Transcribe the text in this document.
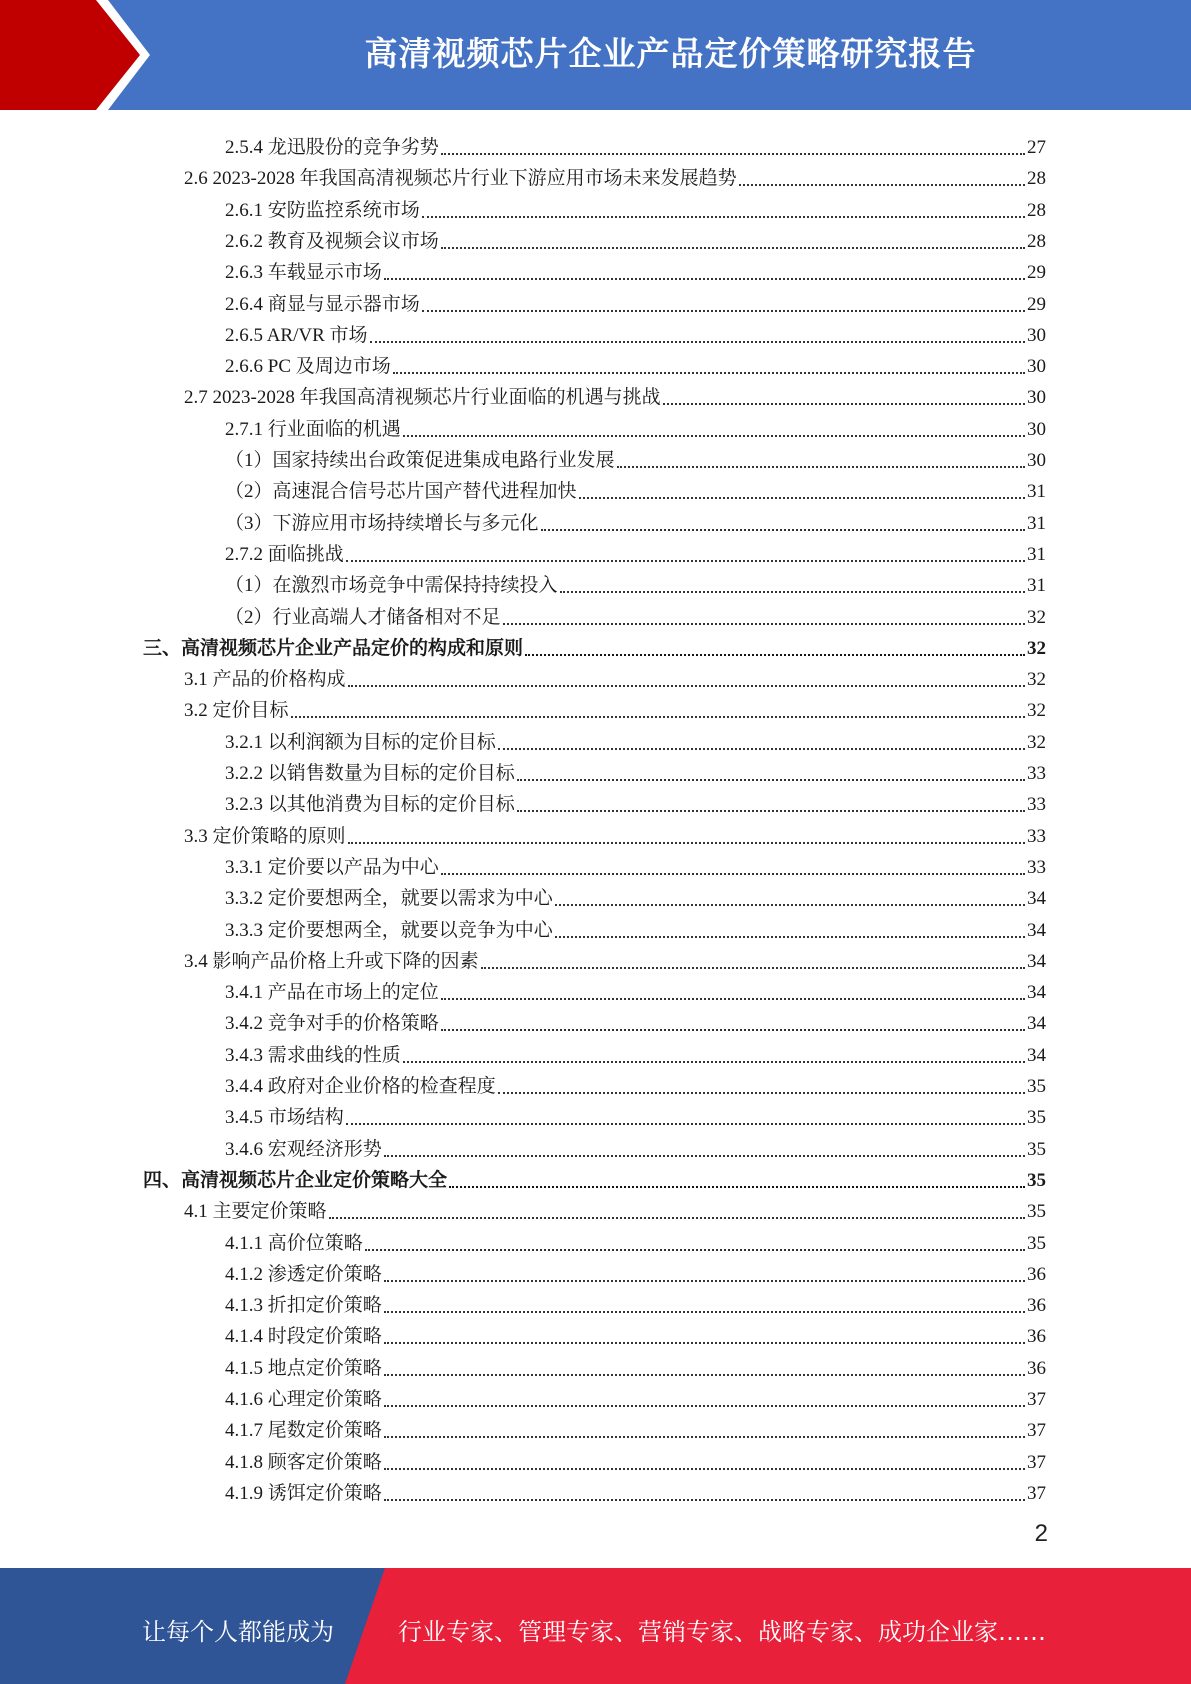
高清视频芯片企业产品定价策略研究报告
2.5.4 龙迅股份的竞争劣势	27
2.6 2023-2028 年我国高清视频芯片行业下游应用市场未来发展趋势	28
2.6.1 安防监控系统市场	28
2.6.2 教育及视频会议市场	28
2.6.3 车载显示市场	29
2.6.4 商显与显示器市场	29
2.6.5 AR/VR 市场	30
2.6.6 PC 及周边市场	30
2.7 2023-2028 年我国高清视频芯片行业面临的机遇与挑战	30
2.7.1 行业面临的机遇	30
（1）国家持续出台政策促进集成电路行业发展	30
（2）高速混合信号芯片国产替代进程加快	31
（3）下游应用市场持续增长与多元化	31
2.7.2 面临挑战	31
（1）在激烈市场竞争中需保持持续投入	31
（2）行业高端人才储备相对不足	32
三、高清视频芯片企业产品定价的构成和原则	32
3.1 产品的价格构成	32
3.2 定价目标	32
3.2.1 以利润额为目标的定价目标	32
3.2.2 以销售数量为目标的定价目标	33
3.2.3 以其他消费为目标的定价目标	33
3.3 定价策略的原则	33
3.3.1 定价要以产品为中心	33
3.3.2 定价要想两全，就要以需求为中心	34
3.3.3 定价要想两全，就要以竞争为中心	34
3.4 影响产品价格上升或下降的因素	34
3.4.1 产品在市场上的定位	34
3.4.2 竞争对手的价格策略	34
3.4.3 需求曲线的性质	34
3.4.4 政府对企业价格的检查程度	35
3.4.5 市场结构	35
3.4.6 宏观经济形势	35
四、高清视频芯片企业定价策略大全	35
4.1 主要定价策略	35
4.1.1 高价位策略	35
4.1.2 渗透定价策略	36
4.1.3 折扣定价策略	36
4.1.4 时段定价策略	36
4.1.5 地点定价策略	36
4.1.6 心理定价策略	37
4.1.7 尾数定价策略	37
4.1.8 顾客定价策略	37
4.1.9 诱饵定价策略	37
2
让每个人都能成为	行业专家、管理专家、营销专家、战略专家、成功企业家……
